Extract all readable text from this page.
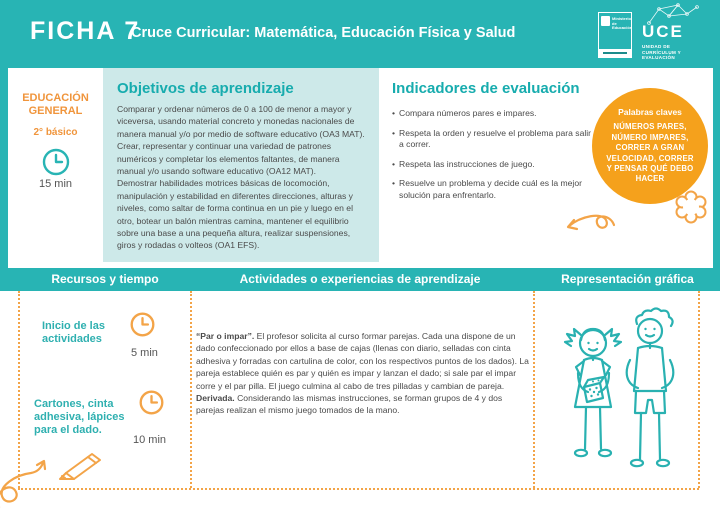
FICHA 7
Cruce Curricular: Matemática, Educación Física y Salud
Ministerio de Educación UCE
UNIDAD DE CURRÍCULUM Y EVALUACIÓN
EDUCACIÓN GENERAL
2° básico
15 min
Objetivos de aprendizaje

Comparar y ordenar números de 0 a 100 de menor a mayor y viceversa, usando material concreto y monedas nacionales de manera manual y/o por medio de software educativo (OA3 MAT).

Crear, representar y continuar una variedad de patrones numéricos y completar los elementos faltantes, de manera manual y/o usando software educativo (OA12 MAT).

Demostrar habilidades motrices básicas de locomoción, manipulación y estabilidad en diferentes direcciones, alturas y niveles, como saltar de forma continua en un pie y luego en el otro, botear un balón mientras camina, mantener el equilibrio sobre una base a una pequeña altura, realizar suspensiones, giros y rodadas o volteos (OA1 EFS).

Indicadores de evaluación
• Compara números pares e impares.
• Respeta la orden y resuelve el problema para salir a correr.
• Respeta las instrucciones de juego.
• Resuelve un problema y decide cuál es la mejor solución para enfrentarlo.
Palabras claves
NÚMEROS PARES, NÚMERO IMPARES, CORRER A GRAN VELOCIDAD, CORRER Y PENSAR QUÉ DEBO HACER
Recursos y tiempo	Actividades o experiencias de aprendizaje	Representación gráfica
Inicio de las actividades
5 min
Cartones, cinta adhesiva, lápices para el dado.
10 min

“Par o impar”. El profesor solicita al curso formar parejas. Cada una dispone de un dado confeccionado por ellos a base de cajas (llenas con diario, selladas con cinta adhesiva y forradas con cartulina de color, con los respectivos puntos de los dados). La pareja establece quién es par y quién es impar y lanzan el dado; si sale par el impar corre y el par pilla. El juego culmina al cabo de tres pilladas y cambian de pareja.

Derivada. Considerando las mismas instrucciones, se forman grupos de 4 y dos parejas realizan el mismo juego tomados de la mano.
